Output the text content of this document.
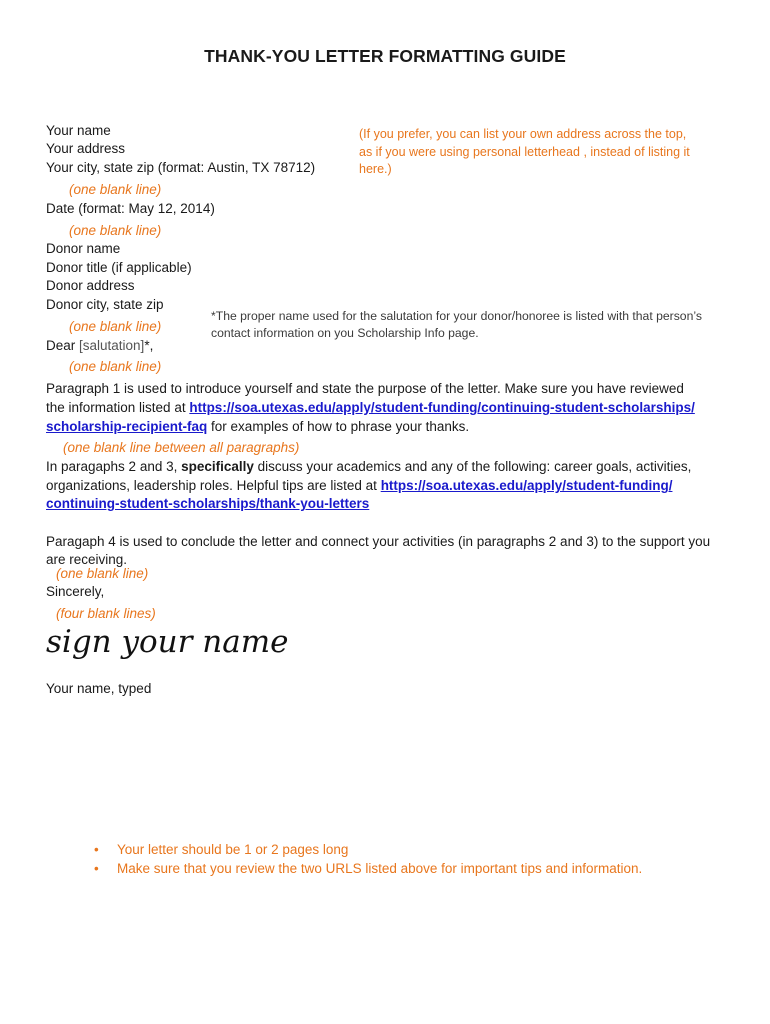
THANK-YOU LETTER FORMATTING GUIDE
Your name
Your address
Your city, state zip (format: Austin, TX 78712)
(If you prefer, you can list your own address across the top,
as if you were using personal letterhead , instead of listing it
here.)
(one blank line)
Date (format: May 12, 2014)
(one blank line)
Donor name
Donor title (if applicable)
Donor address
Donor city, state zip
*The proper name used for the salutation for your donor/honoree is listed with that person’s
contact information on you Scholarship Info page.
(one blank line)
Dear [salutation]*,
(one blank line)
Paragraph 1 is used to introduce yourself and state the purpose of the letter. Make sure you have reviewed
the information listed at https://soa.utexas.edu/apply/student-funding/continuing-student-scholarships/
scholarship-recipient-faq for examples of how to phrase your thanks.
(one blank line between all paragraphs)
In paragaphs 2 and 3, specifically discuss your academics and any of the following: career goals, activities,
organizations, leadership roles. Helpful tips are listed at https://soa.utexas.edu/apply/student-funding/
continuing-student-scholarships/thank-you-letters
Paragaph 4 is used to conclude the letter and connect your activities (in paragraphs 2 and 3) to the support you
are receiving.
(one blank line)
Sincerely,
(four blank lines)
sign your name
Your name, typed
• Your letter should be 1 or 2 pages long
• Make sure that you review the two URLS listed above for important tips and information.
